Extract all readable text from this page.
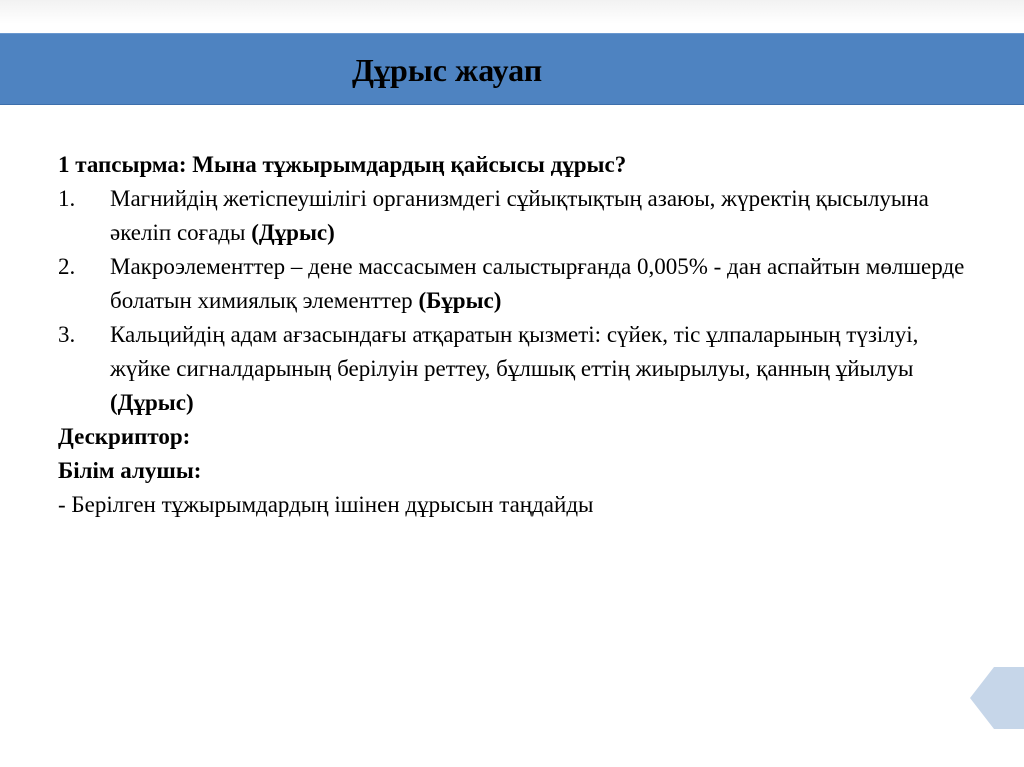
Дұрыс жауап
1 тапсырма: Мына тұжырымдардың қайсысы дұрыс?
1. Магнийдің жетіспеушілігі организмдегі сұйықтықтың азаюы, жүректің қысылуына әкеліп соғады (Дұрыс)
2. Макроэлементтер – дене массасымен салыстырғанда 0,005% - дан аспайтын мөлшерде болатын химиялық элементтер (Бұрыс)
3. Кальцийдің адам ағзасындағы атқаратын қызметі: сүйек, тіс ұлпаларының түзілуі, жүйке сигналдарының берілуін реттеу, бұлшық еттің жиырылуы, қанның ұйылуы (Дұрыс)
Дескриптор:
Білім алушы:
- Берілген тұжырымдардың ішінен дұрысын таңдайды
